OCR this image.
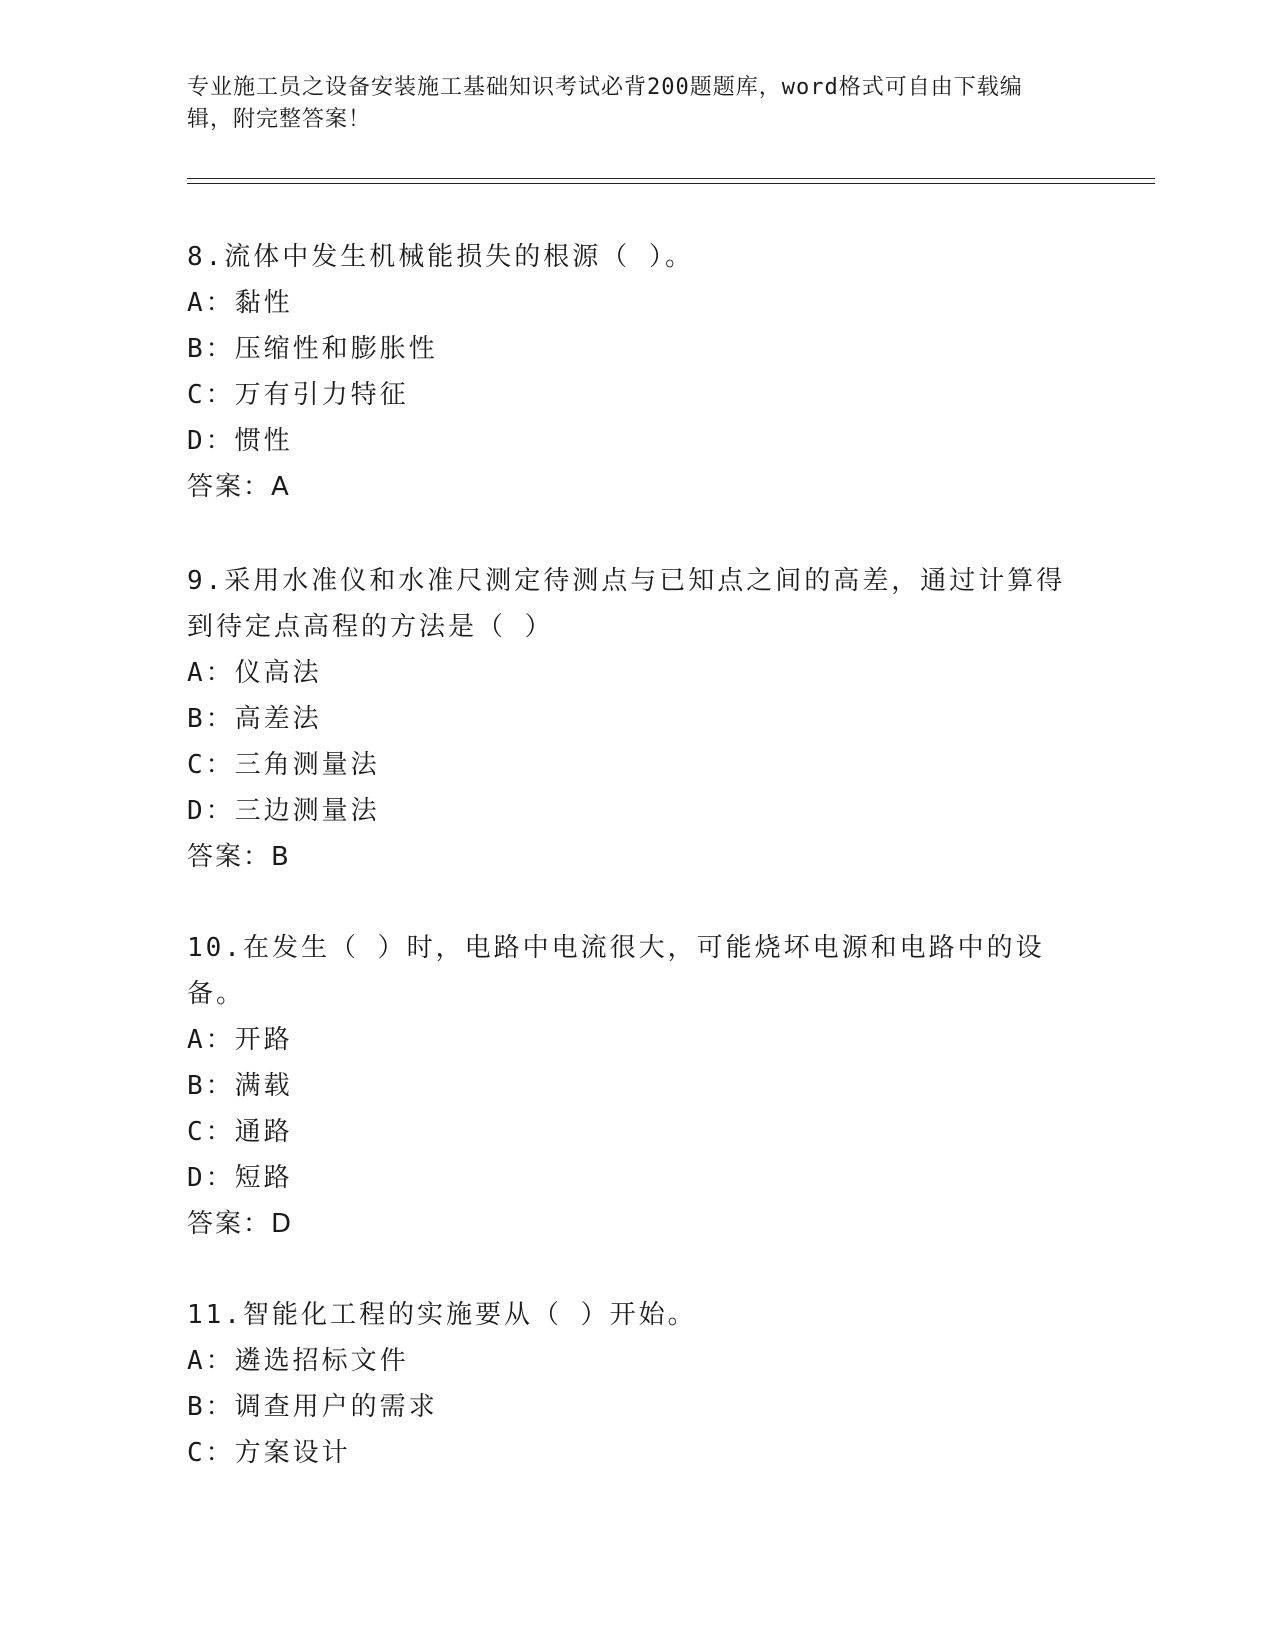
专业施工员之设备安装施工基础知识考试必背200题题库，word格式可自由下载编辑，附完整答案！

8.流体中发生机械能损失的根源（ ）。

A：黏性

B：压缩性和膨胀性

C：万有引力特征

D：惯性

答案：A

9.采用水准仪和水准尺测定待测点与已知点之间的高差，通过计算得到待定点高程的方法是（ ）

A：仪高法

B：高差法

C：三角测量法

D：三边测量法

答案：B

10.在发生（ ）时，电路中电流很大，可能烧坏电源和电路中的设备。

A：开路

B：满载

C：通路

D：短路

答案：D

11.智能化工程的实施要从（ ）开始。

A：遴选招标文件

B：调查用户的需求

C：方案设计
